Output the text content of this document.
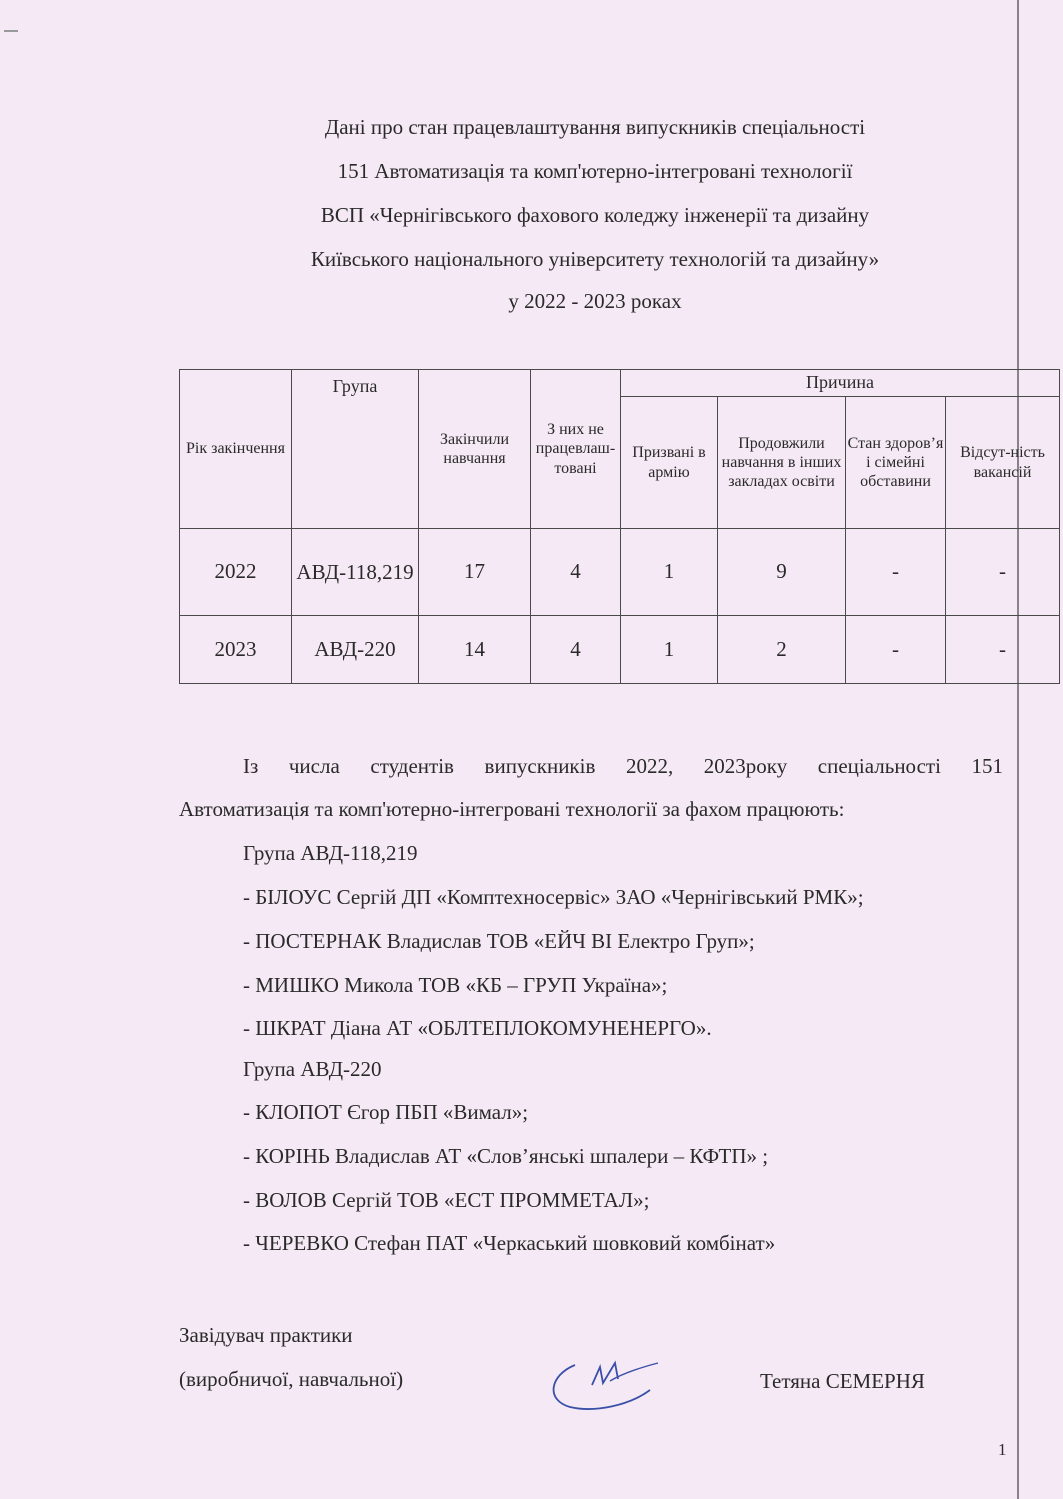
Дані про стан працевлаштування випускників спеціальності
151 Автоматизація та комп'ютерно-інтегровані технології
ВСП «Чернігівського фахового коледжу інженерії та дизайну
Київського національного університету технологій та дизайну»
у 2022 - 2023 роках
Рік закінчення	Група	Закінчили навчання	З них не працевлаш-товані	Причина			
				Призвані в армію	Продовжили навчання в інших закладах освіти	Стан здоров’я і сімейні обставини	Відсут-ність вакансій
2022	АВД-118,219	17	4	1	9	-	-
2023	АВД-220	14	4	1	2	-	-
Із числа студентів випускників 2022, 2023року спеціальності 151
Автоматизація та комп'ютерно-інтегровані технології за фахом працюють:
Група АВД-118,219
- БІЛОУС Сергій ДП «Комптехносервіс» ЗАО «Чернігівський РМК»;
- ПОСТЕРНАК Владислав ТОВ «ЕЙЧ ВІ Електро Груп»;
- МИШКО Микола ТОВ «КБ – ГРУП Україна»;
- ШКРАТ Діана АТ «ОБЛТЕПЛОКОМУНЕНЕРГО».
Група АВД-220
- КЛОПОТ Єгор ПБП «Вимал»;
- КОРІНЬ Владислав АТ «Слов’янські шпалери – КФТП» ;
- ВОЛОВ Сергій ТОВ «ЕСТ ПРОММЕТАЛ»;
- ЧЕРЕВКО Стефан ПАТ «Черкаський шовковий комбінат»
Завідувач практики
(виробничої, навчальної)	Тетяна СЕМЕРНЯ
1
